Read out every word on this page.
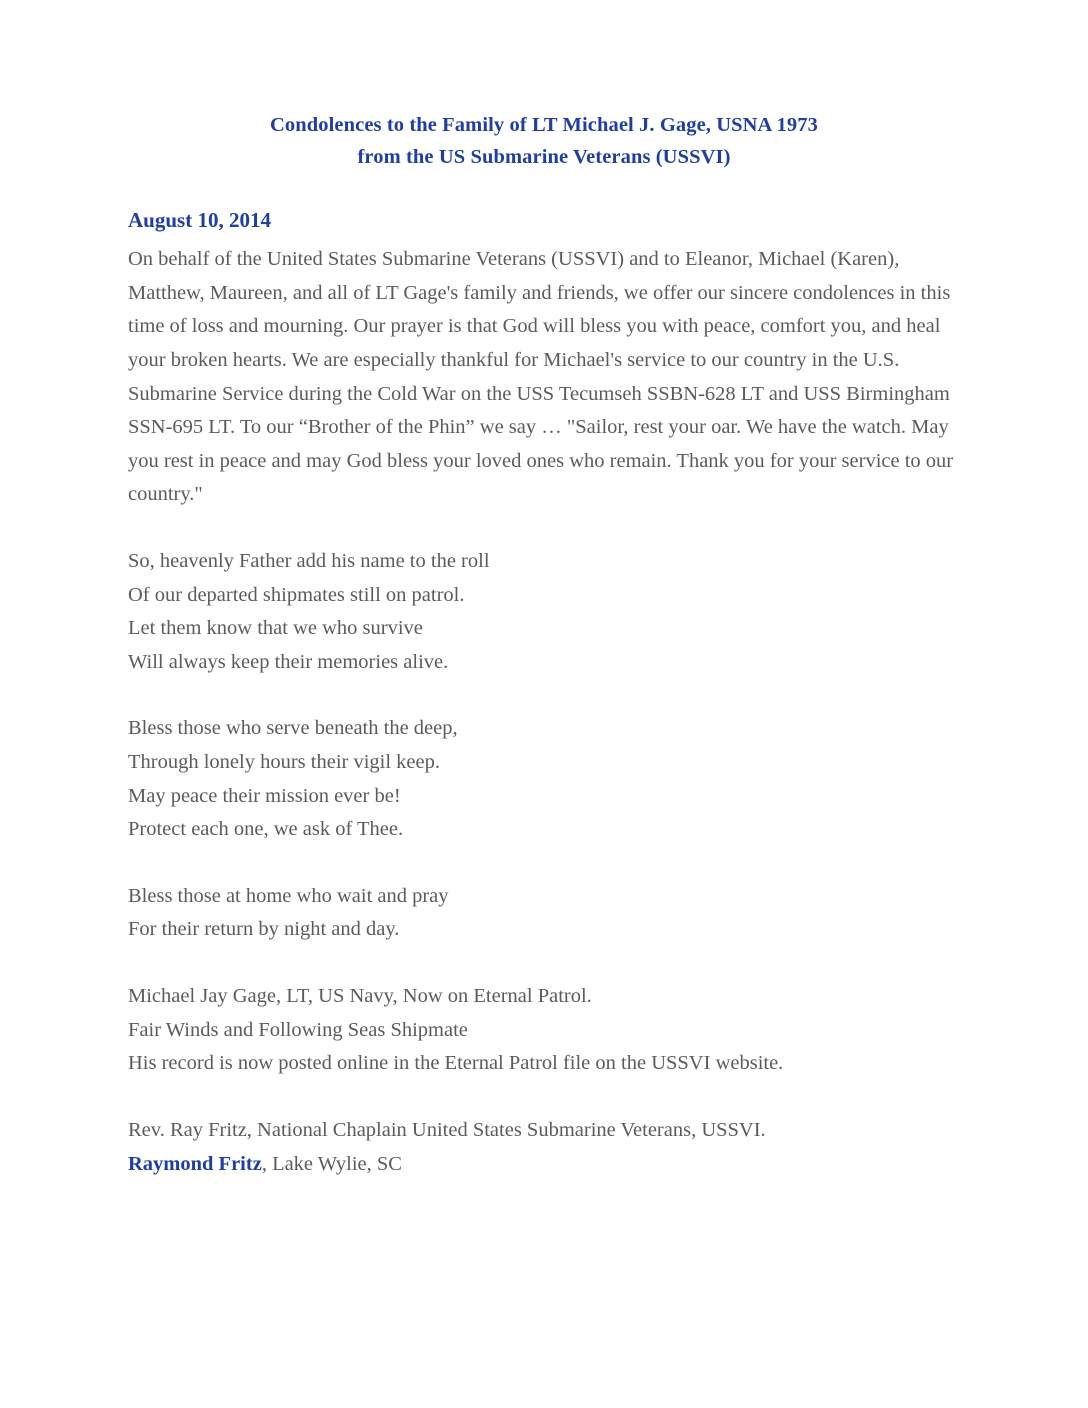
Condolences to the Family of LT Michael J. Gage, USNA 1973
from the US Submarine Veterans (USSVI)
August 10, 2014

On behalf of the United States Submarine Veterans (USSVI) and to Eleanor, Michael (Karen), Matthew, Maureen, and all of LT Gage's family and friends, we offer our sincere condolences in this time of loss and mourning. Our prayer is that God will bless you with peace, comfort you, and heal your broken hearts. We are especially thankful for Michael's service to our country in the U.S. Submarine Service during the Cold War on the USS Tecumseh SSBN-628 LT and USS Birmingham SSN-695 LT. To our “Brother of the Phin” we say … "Sailor, rest your oar. We have the watch. May you rest in peace and may God bless your loved ones who remain. Thank you for your service to our country."

So, heavenly Father add his name to the roll
Of our departed shipmates still on patrol.
Let them know that we who survive
Will always keep their memories alive.
Bless those who serve beneath the deep,
Through lonely hours their vigil keep.
May peace their mission ever be!
Protect each one, we ask of Thee.
Bless those at home who wait and pray
For their return by night and day.
Michael Jay Gage, LT, US Navy, Now on Eternal Patrol.
Fair Winds and Following Seas Shipmate
His record is now posted online in the Eternal Patrol file on the USSVI website.
Rev. Ray Fritz, National Chaplain United States Submarine Veterans, USSVI.
Raymond Fritz, Lake Wylie, SC
